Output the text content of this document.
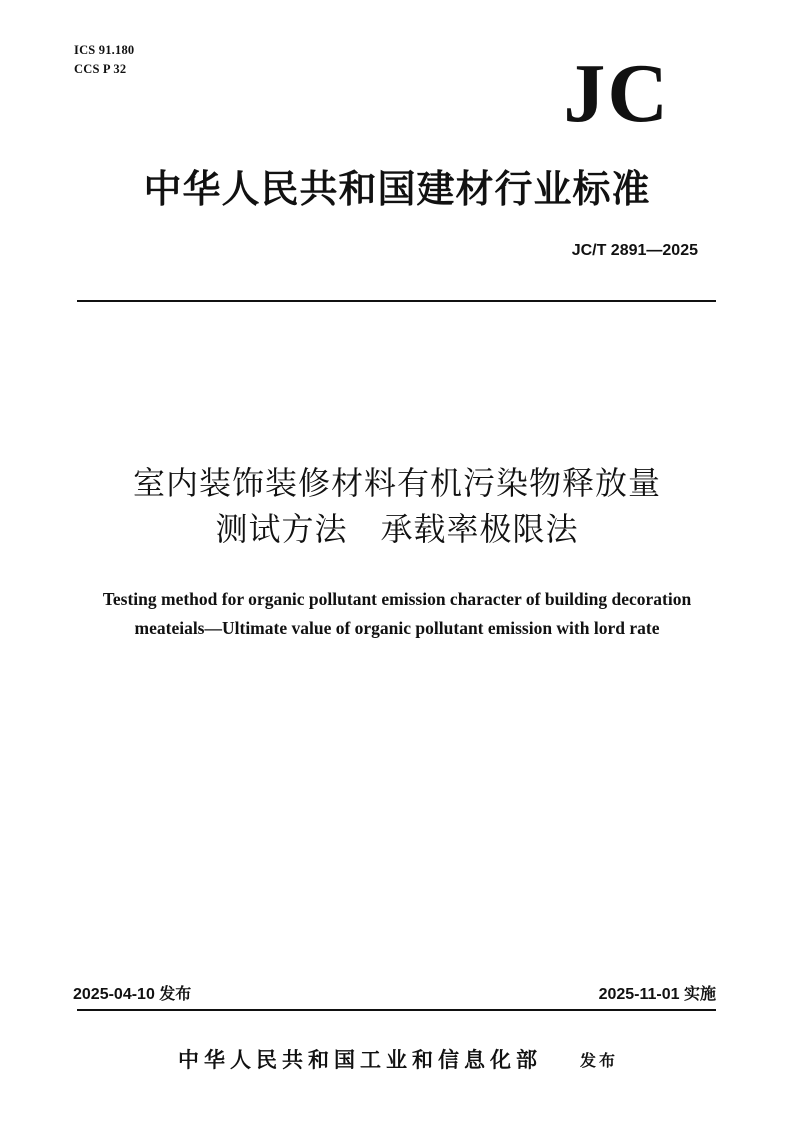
ICS 91.180
CCS P 32	JC
中华人民共和国建材行业标准
JC/T 2891—2025
室内装饰装修材料有机污染物释放量
测试方法　承载率极限法
Testing method for organic pollutant emission character of building decoration
meateials—Ultimate value of organic pollutant emission with lord rate
2025-04-10 发布	2025-11-01 实施
中华人民共和国工业和信息化部 发布
